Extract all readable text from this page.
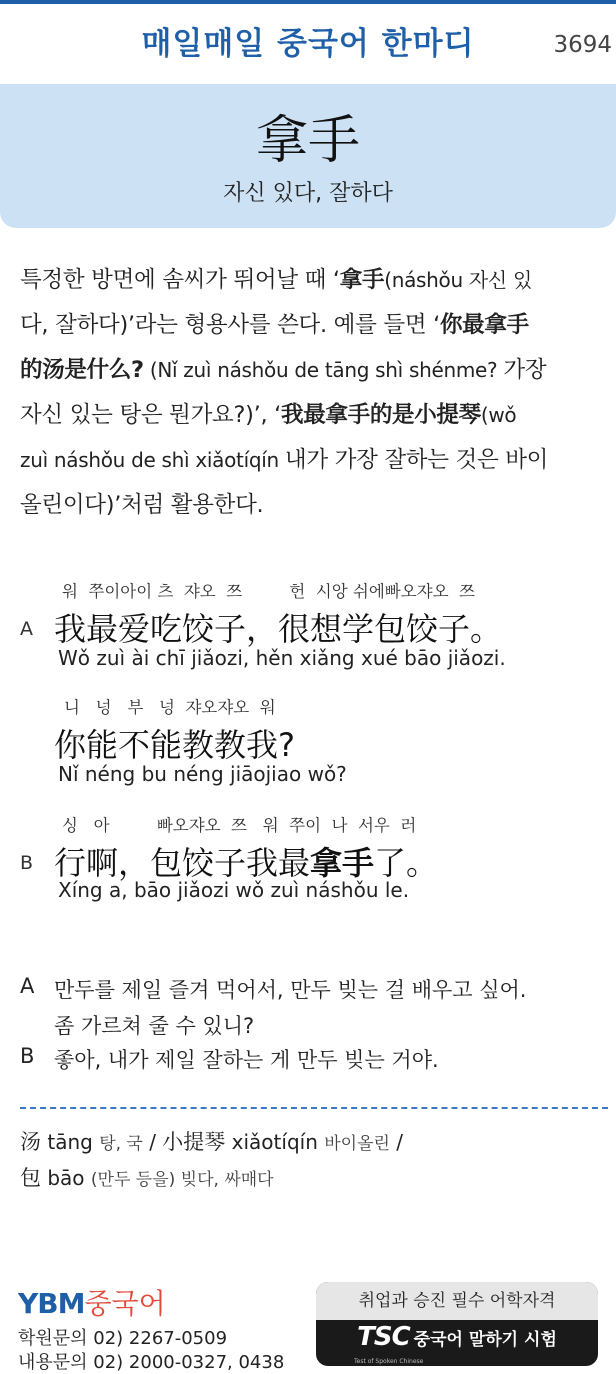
매일매일 중국어 한마디	3694
拿手
자신 있다, 잘하다
특정한 방면에 솜씨가 뛰어날 때 ‘拿手(náshǒu 자신 있
다, 잘하다)’라는 형용사를 쓴다. 예를 들면 ‘你最拿手
的汤是什么? (Nǐ zuì náshǒu de tāng shì shénme? 가장
자신 있는 탕은 뭔가요?)’, ‘我最拿手的是小提琴(wǒ
zuì náshǒu de shì xiǎotíqín 내가 가장 잘하는 것은 바이
올린이다)’처럼 활용한다.
워  쭈이아이 츠  쟈오  쯔         헌  시앙 쉬에빠오쟈오  쯔
A 我最爱吃饺子，很想学包饺子。
Wǒ zuì ài chī jiǎozi, hěn xiǎng xué bāo jiǎozi.
니   넝   부   넝  쟈오쟈오  워
你能不能教教我?
Nǐ néng bu néng jiāojiao wǒ?
싱   아         빠오쟈오  쯔   워  쭈이  나  서우  러
B 行啊，包饺子我最拿手了。
Xíng a, bāo jiǎozi wǒ zuì náshǒu le.
A 만두를 제일 즐겨 먹어서, 만두 빚는 걸 배우고 싶어.
좀 가르쳐 줄 수 있니?
B 좋아, 내가 제일 잘하는 게 만두 빚는 거야.
汤 tāng 탕, 국 / 小提琴 xiǎotíqín 바이올린 /
包 bāo (만두 등을) 빚다, 싸매다
YBM중국어
학원문의 02) 2267-0509
내용문의 02) 2000-0327, 0438
취업과 승진 필수 어학자격
TSC 중국어 말하기 시험
Test of Spoken Chinese
